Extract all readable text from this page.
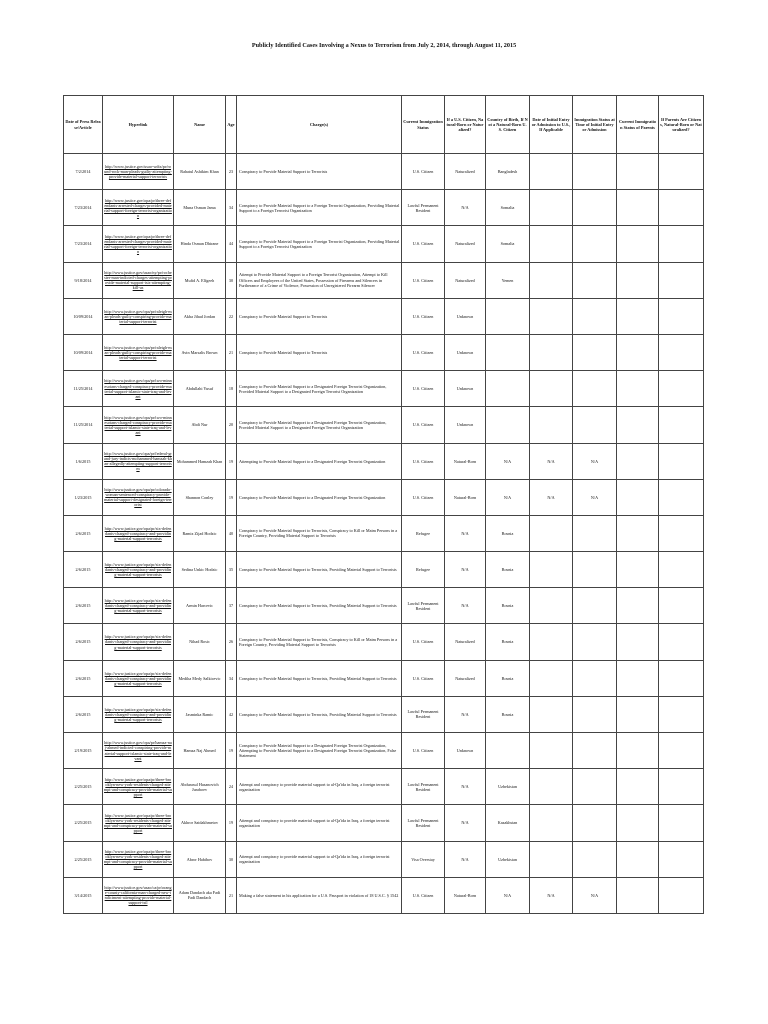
Publicly Identified Cases Involving a Nexus to Terrorism from July 2, 2014, through August 11, 2015
Date of Press Release/Article	Hyperlink	Name	Age	Charge(s)	Current Immigration Status	If a U.S. Citizen, Natural-Born or Naturalized?	Country of Birth, If Not a Natural-Born U.S. Citizen	Date of Initial Entry or Admission to U.S., If Applicable	Immigration Status at Time of Initial Entry or Admission	Current Immigration Status of Parents	If Parents Are Citizens, Natural-Born or Naturalized?
7/2/2014	http://www.justice.gov/usao-wdtx/pr/round-rock-man-pleads-guilty-attempting-provide-material-support-terrorists	Rahatul Ashikim Khan	23	Conspiracy to Provide Material Support to Terrorists	U.S. Citizen	Naturalized	Bangladesh				
7/23/2014	http://www.justice.gov/opa/pr/three-defendants-arrested-charges-provided-material-support-foreign-terrorist-organization	Muna Osman Jama	34	Conspiracy to Provide Material Support to a Foreign Terrorist Organization, Providing Material Support to a Foreign Terrorist Organization	Lawful Permanent Resident	N/A	Somalia				
7/23/2014	http://www.justice.gov/opa/pr/three-defendants-arrested-charges-provided-material-support-foreign-terrorist-organization	Hinda Osman Dhirane	44	Conspiracy to Provide Material Support to a Foreign Terrorist Organization, Providing Material Support to a Foreign Terrorist Organization	U.S. Citizen	Naturalized	Somalia				
9/18/2014	http://www.justice.gov/usao/ny/pr/rochester-man-indicted-charges-attempting-provide-material-support-isis-attempting-kill-us	Mufid A. Elfgeeh	30	Attempt to Provide Material Support to a Foreign Terrorist Organization, Attempt to Kill Officers and Employees of the United States, Possession of Firearms and Silencers in Furtherance of a Crime of Violence, Possession of Unregistered Firearm Silencer	U.S. Citizen	Naturalized	Yemen				
10/09/2014	http://www.justice.gov/opa/pr/raleigh-man-pleads-guilty-conspiring-provide-material-support-terrorist	Akba Jihad Jordan	22	Conspiracy to Provide Material Support to Terrorists	U.S. Citizen	Unknown					
10/09/2014	http://www.justice.gov/opa/pr/raleigh-man-pleads-guilty-conspiring-provide-material-support-terrorist	Avin Marsalis Brown	21	Conspiracy to Provide Material Support to Terrorists	U.S. Citizen	Unknown					
11/25/2014	http://www.justice.gov/opa/pr/two-minnesotans-charged-conspiracy-provide-material-support-islamic-state-iraq-and-levant	Abdullahi Yusuf	18	Conspiracy to Provide Material Support to a Designated Foreign Terrorist Organization, Provided Material Support to a Designated Foreign Terrorist Organization	U.S. Citizen	Unknown					
11/25/2014	http://www.justice.gov/opa/pr/two-minnesotans-charged-conspiracy-provide-material-support-islamic-state-iraq-and-levant	Abdi Nur	20	Conspiracy to Provide Material Support to a Designated Foreign Terrorist Organization, Provided Material Support to a Designated Foreign Terrorist Organization	U.S. Citizen	Unknown					
1/6/2015	http://www.justice.gov/opa/pr/federal-grand-jury-indicts-mohammed-hamzah-khan-allegedly-attempting-support-terrorism	Mohammed Hamzah Khan	19	Attempting to Provide Material Support to a Designated Foreign Terrorist Organization	U.S. Citizen	Natural-Born	N/A	N/A	N/A		
1/23/2015	http://www.justice.gov/opa/pr/colorado-woman-sentenced-conspiracy-provide-material-support-designated-foreign-terrorist	Shannon Conley	19	Conspiracy to Provide Material Support to a Designated Foreign Terrorist Organization	U.S. Citizen	Natural-Born	N/A	N/A	N/A		
2/6/2015	http://www.justice.gov/opa/pr/six-defendants-charged-conspiracy-and-providing-material-support-terrorists	Ramiz Zijad Hodzic	40	Conspiracy to Provide Material Support to Terrorists, Conspiracy to Kill or Maim Persons in a Foreign Country, Providing Material Support to Terrorists	Refugee	N/A	Bosnia				
2/6/2015	http://www.justice.gov/opa/pr/six-defendants-charged-conspiracy-and-providing-material-support-terrorists	Sedina Unkic Hodzic	35	Conspiracy to Provide Material Support to Terrorists, Providing Material Support to Terrorists	Refugee	N/A	Bosnia				
2/6/2015	http://www.justice.gov/opa/pr/six-defendants-charged-conspiracy-and-providing-material-support-terrorists	Armin Harcevic	37	Conspiracy to Provide Material Support to Terrorists, Providing Material Support to Terrorists	Lawful Permanent Resident	N/A	Bosnia				
2/6/2015	http://www.justice.gov/opa/pr/six-defendants-charged-conspiracy-and-providing-material-support-terrorists	Nihad Rosic	26	Conspiracy to Provide Material Support to Terrorists, Conspiracy to Kill or Maim Persons in a Foreign Country, Providing Material Support to Terrorists	U.S. Citizen	Naturalized	Bosnia				
2/6/2015	http://www.justice.gov/opa/pr/six-defendants-charged-conspiracy-and-providing-material-support-terrorists	Mediha Medy Salkicevic	34	Conspiracy to Provide Material Support to Terrorists, Providing Material Support to Terrorists	U.S. Citizen	Naturalized	Bosnia				
2/6/2015	http://www.justice.gov/opa/pr/six-defendants-charged-conspiracy-and-providing-material-support-terrorists	Jasminka Ramic	42	Conspiracy to Provide Material Support to Terrorists, Providing Material Support to Terrorists	Lawful Permanent Resident	N/A	Bosnia				
2/19/2015	http://www.justice.gov/opa/pr/hamza-naj-ahmed-indicted-conspiring-provide-material-support-islamic-state-iraq-and-levant	Hamza Naj Ahmed	19	Conspiracy to Provide Material Support to a Designated Foreign Terrorist Organization, Attempting to Provide Material Support to a Designated Foreign Terrorist Organization, False Statement	U.S. Citizen	Unknown					
2/25/2015	http://www.justice.gov/opa/pr/three-brooklyn-new-york-residents-charged-attempt-and-conspiracy-provide-material-support	Abdurasul Hasanovich Juraboev	24	Attempt and conspiracy to provide material support to al-Qa'ida in Iraq, a foreign terrorist organization	Lawful Permanent Resident	N/A	Uzbekistan				
2/25/2015	http://www.justice.gov/opa/pr/three-brooklyn-new-york-residents-charged-attempt-and-conspiracy-provide-material-support	Akhror Saidakhmetov	19	Attempt and conspiracy to provide material support to al-Qa'ida in Iraq, a foreign terrorist organization	Lawful Permanent Resident	N/A	Kazakhstan				
2/25/2015	http://www.justice.gov/opa/pr/three-brooklyn-new-york-residents-charged-attempt-and-conspiracy-provide-material-support	Abror Habibov	30	Attempt and conspiracy to provide material support to al-Qa'ida in Iraq, a foreign terrorist organization	Visa Overstay	N/A	Uzbekistan				
3/14/2015	http://www.justice.gov/usao/ca/pr/orange-county-california-man-charged-new-indictment-attempting-provide-material-support-isil	Adam Dandach aka Fadi Fadi Dandach	21	Making a false statement in his application for a U.S. Passport in violation of 18 U.S.C. § 1542	U.S. Citizen	Natural-Born	N/A	N/A	N/A		
